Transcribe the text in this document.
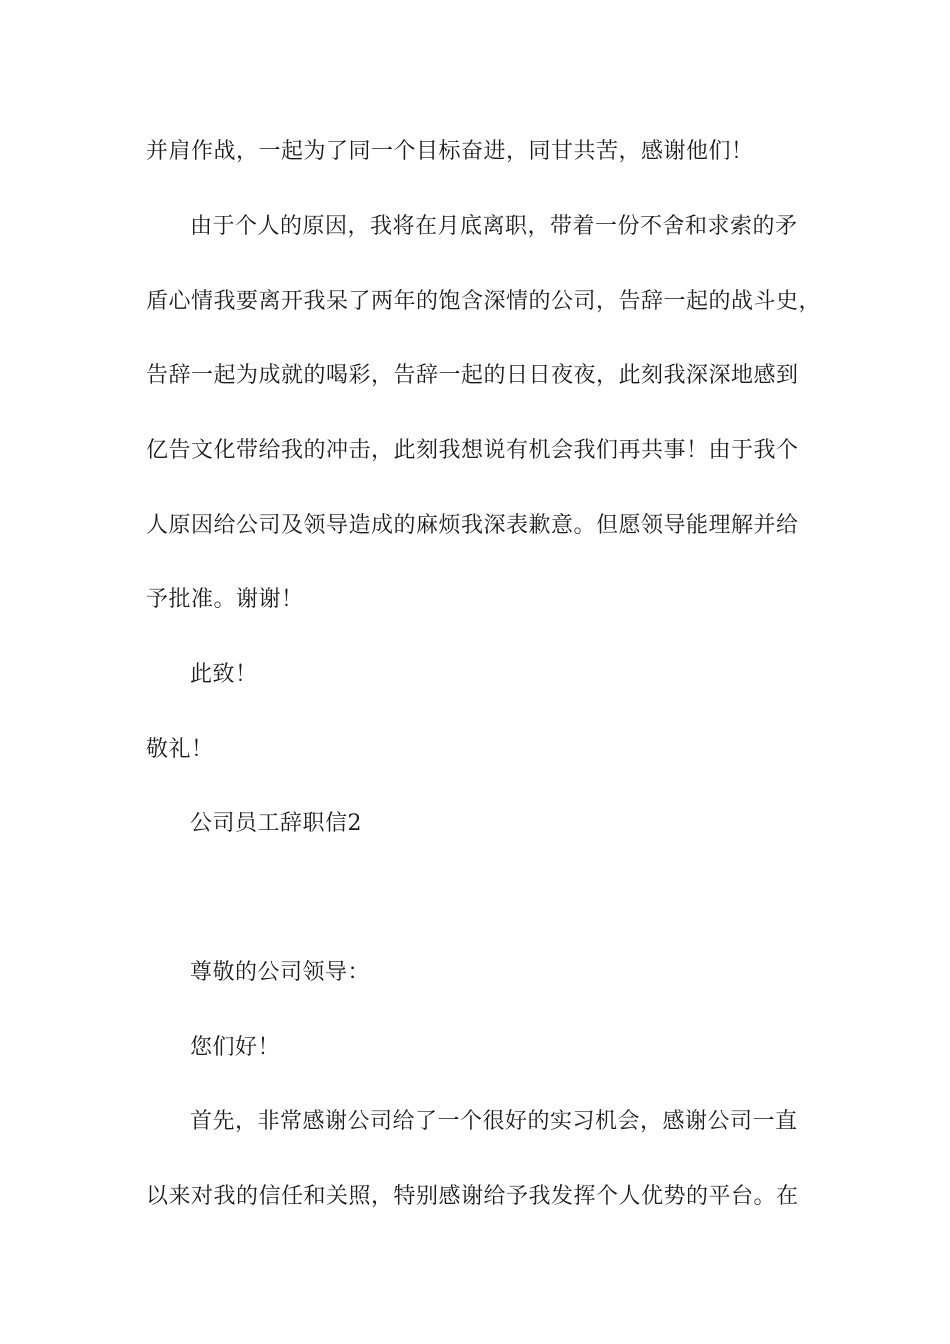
并肩作战，一起为了同一个目标奋进，同甘共苦，感谢他们！
由于个人的原因，我将在月底离职，带着一份不舍和求索的矛
盾心情我要离开我呆了两年的饱含深情的公司，告辞一起的战斗史，
告辞一起为成就的喝彩，告辞一起的日日夜夜，此刻我深深地感到
亿告文化带给我的冲击，此刻我想说有机会我们再共事！由于我个
人原因给公司及领导造成的麻烦我深表歉意。但愿领导能理解并给
予批准。谢谢！
此致！
敬礼！
公司员工辞职信2
尊敬的公司领导：
您们好！
首先，非常感谢公司给了一个很好的实习机会，感谢公司一直
以来对我的信任和关照，特别感谢给予我发挥个人优势的平台。在
